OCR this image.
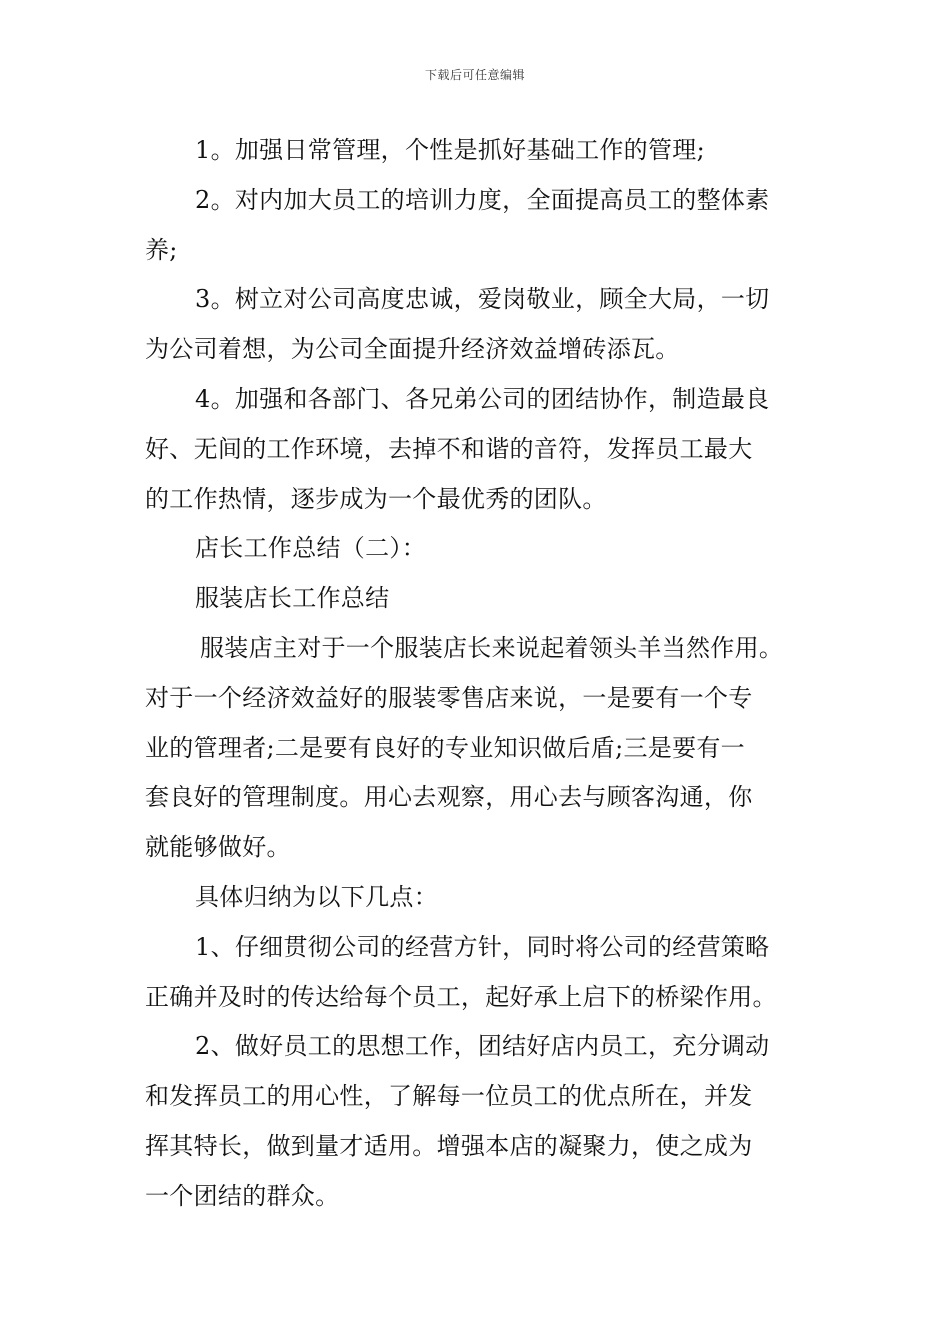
下载后可任意编辑
1。加强日常管理，个性是抓好基础工作的管理;
2。对内加大员工的培训力度，全面提高员工的整体素
养;
3。树立对公司高度忠诚，爱岗敬业，顾全大局，一切
为公司着想，为公司全面提升经济效益增砖添瓦。
4。加强和各部门、各兄弟公司的团结协作，制造最良
好、无间的工作环境，去掉不和谐的音符，发挥员工最大
的工作热情，逐步成为一个最优秀的团队。
店长工作总结（二）：
服装店长工作总结
服装店主对于一个服装店长来说起着领头羊当然作用。
对于一个经济效益好的服装零售店来说，一是要有一个专
业的管理者;二是要有良好的专业知识做后盾;三是要有一
套良好的管理制度。用心去观察，用心去与顾客沟通，你
就能够做好。
具体归纳为以下几点：
1、仔细贯彻公司的经营方针，同时将公司的经营策略
正确并及时的传达给每个员工，起好承上启下的桥梁作用。
2、做好员工的思想工作，团结好店内员工，充分调动
和发挥员工的用心性，了解每一位员工的优点所在，并发
挥其特长，做到量才适用。增强本店的凝聚力，使之成为
一个团结的群众。
